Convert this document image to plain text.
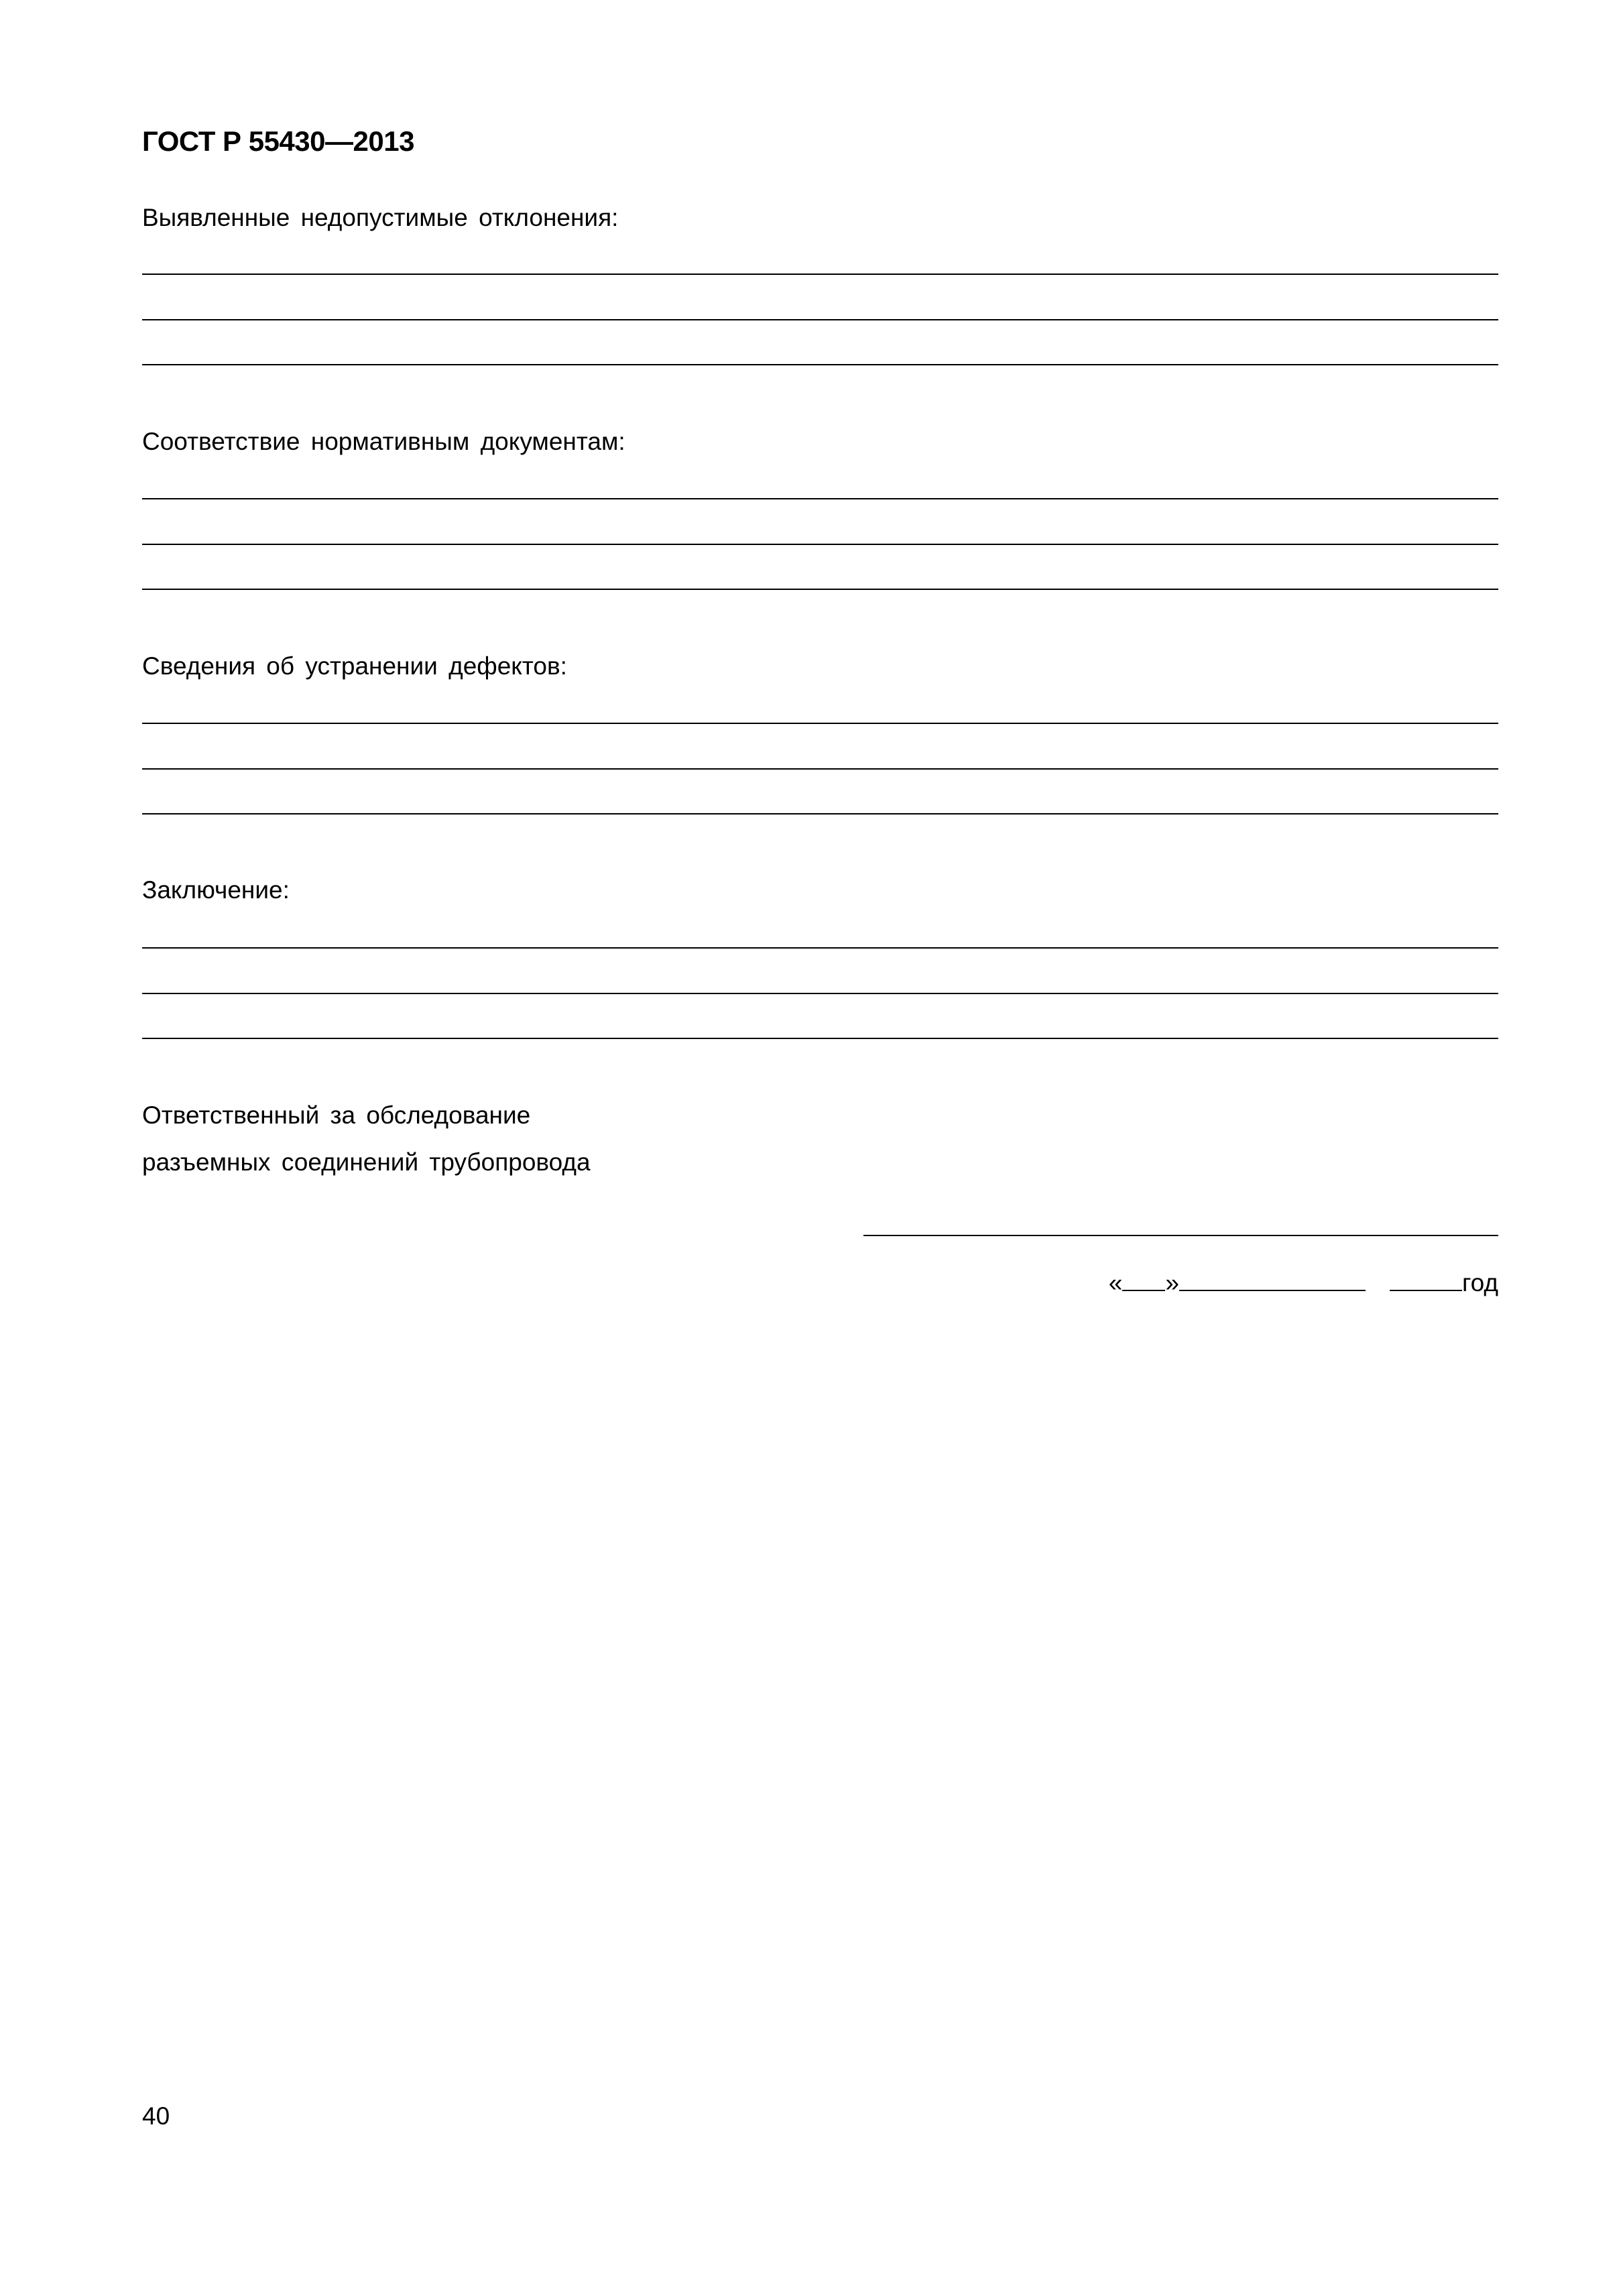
ГОСТ Р 55430—2013
Выявленные недопустимые отклонения:
Соответствие нормативным документам:
Сведения об устранении дефектов:
Заключение:
Ответственный за обследование
разъемных соединений трубопровода
« »	год
40
